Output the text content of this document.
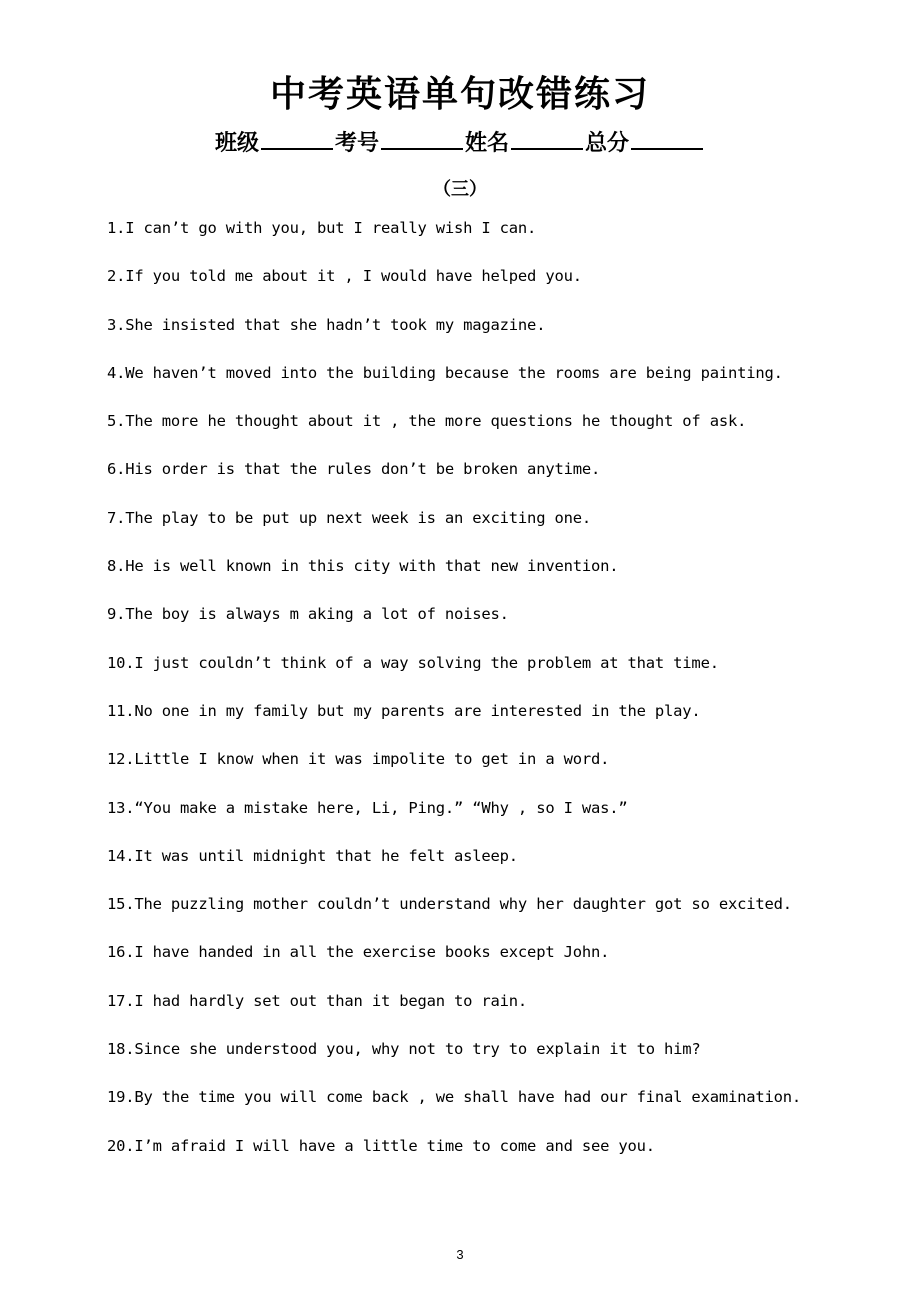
中考英语单句改错练习
班级	考号	姓名	总分
（三）
1.I can’t go with you, but I really wish I can.
2.If you told me about it , I would have helped you.
3.She insisted that she hadn’t took my magazine.
4.We haven’t moved into the building because the rooms are being painting.
5.The more he thought about it , the more questions he thought of ask.
6.His order is that the rules don’t be broken anytime.
7.The play to be put up next week is an exciting one.
8.He is well known in this city with that new invention.
9.The boy is always m aking a lot of noises.
10.I just couldn’t think of a way solving the problem at that time.
11.No one in my family but my parents are interested in the play.
12.Little I know when it was impolite to get in a word.
13.“You make a mistake here, Li, Ping.” “Why , so I was.”
14.It was until midnight that he felt asleep.
15.The puzzling mother couldn’t understand why her daughter got so excited.
16.I have handed in all the exercise books except John.
17.I had hardly set out than it began to rain.
18.Since she understood you, why not to try to explain it to him?
19.By the time you will come back , we shall have had our final examination.
20.I’m afraid I will have a little time to come and see you.
3
